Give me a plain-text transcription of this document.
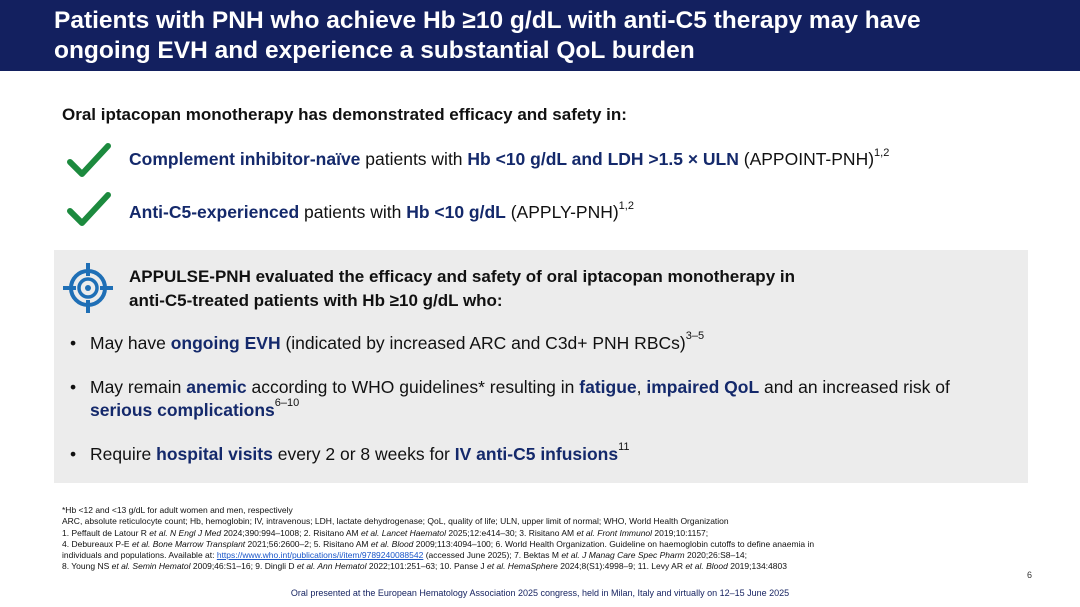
Patients with PNH who achieve Hb ≥10 g/dL with anti-C5 therapy may have
ongoing EVH and experience a substantial QoL burden
Oral iptacopan monotherapy has demonstrated efficacy and safety in:
Complement inhibitor-naïve patients with Hb <10 g/dL and LDH >1.5 × ULN (APPOINT-PNH)$^{1,2}$
Anti-C5-experienced patients with Hb <10 g/dL (APPLY-PNH)$^{1,2}$
APPULSE-PNH evaluated the efficacy and safety of oral iptacopan monotherapy in
anti-C5-treated patients with Hb ≥10 g/dL who:
• May have ongoing EVH (indicated by increased ARC and C3d+ PNH RBCs)$^{3-5}$
• May remain anemic according to WHO guidelines* resulting in fatigue, impaired QoL and an increased risk of serious complications$^{6-10}$
• Require hospital visits every 2 or 8 weeks for IV anti-C5 infusions$^{11}$
*Hb <12 and <13 g/dL for adult women and men, respectively
ARC, absolute reticulocyte count; Hb, hemoglobin; IV, intravenous; LDH, lactate dehydrogenase; QoL, quality of life; ULN, upper limit of normal; WHO, World Health Organization
1. Peffault de Latour R et al. N Engl J Med 2024;390:994–1008; 2. Risitano AM et al. Lancet Haematol 2025;12:e414–30; 3. Risitano AM et al. Front Immunol 2019;10:1157;
4. Debureaux P-E et al. Bone Marrow Transplant 2021;56:2600–2; 5. Risitano AM et al. Blood 2009;113:4094–100; 6. World Health Organization. Guideline on haemoglobin cutoffs to define anaemia in
individuals and populations. Available at: https://www.who.int/publications/i/item/9789240088542 (accessed June 2025); 7. Bektas M et al. J Manag Care Spec Pharm 2020;26:S8–14;
8. Young NS et al. Semin Hematol 2009;46:S1–16; 9. Dingli D et al. Ann Hematol 2022;101:251–63; 10. Panse J et al. HemaSphere 2024;8(S1):4998–9; 11. Levy AR et al. Blood 2019;134:4803
6
Oral presented at the European Hematology Association 2025 congress, held in Milan, Italy and virtually on 12–15 June 2025
